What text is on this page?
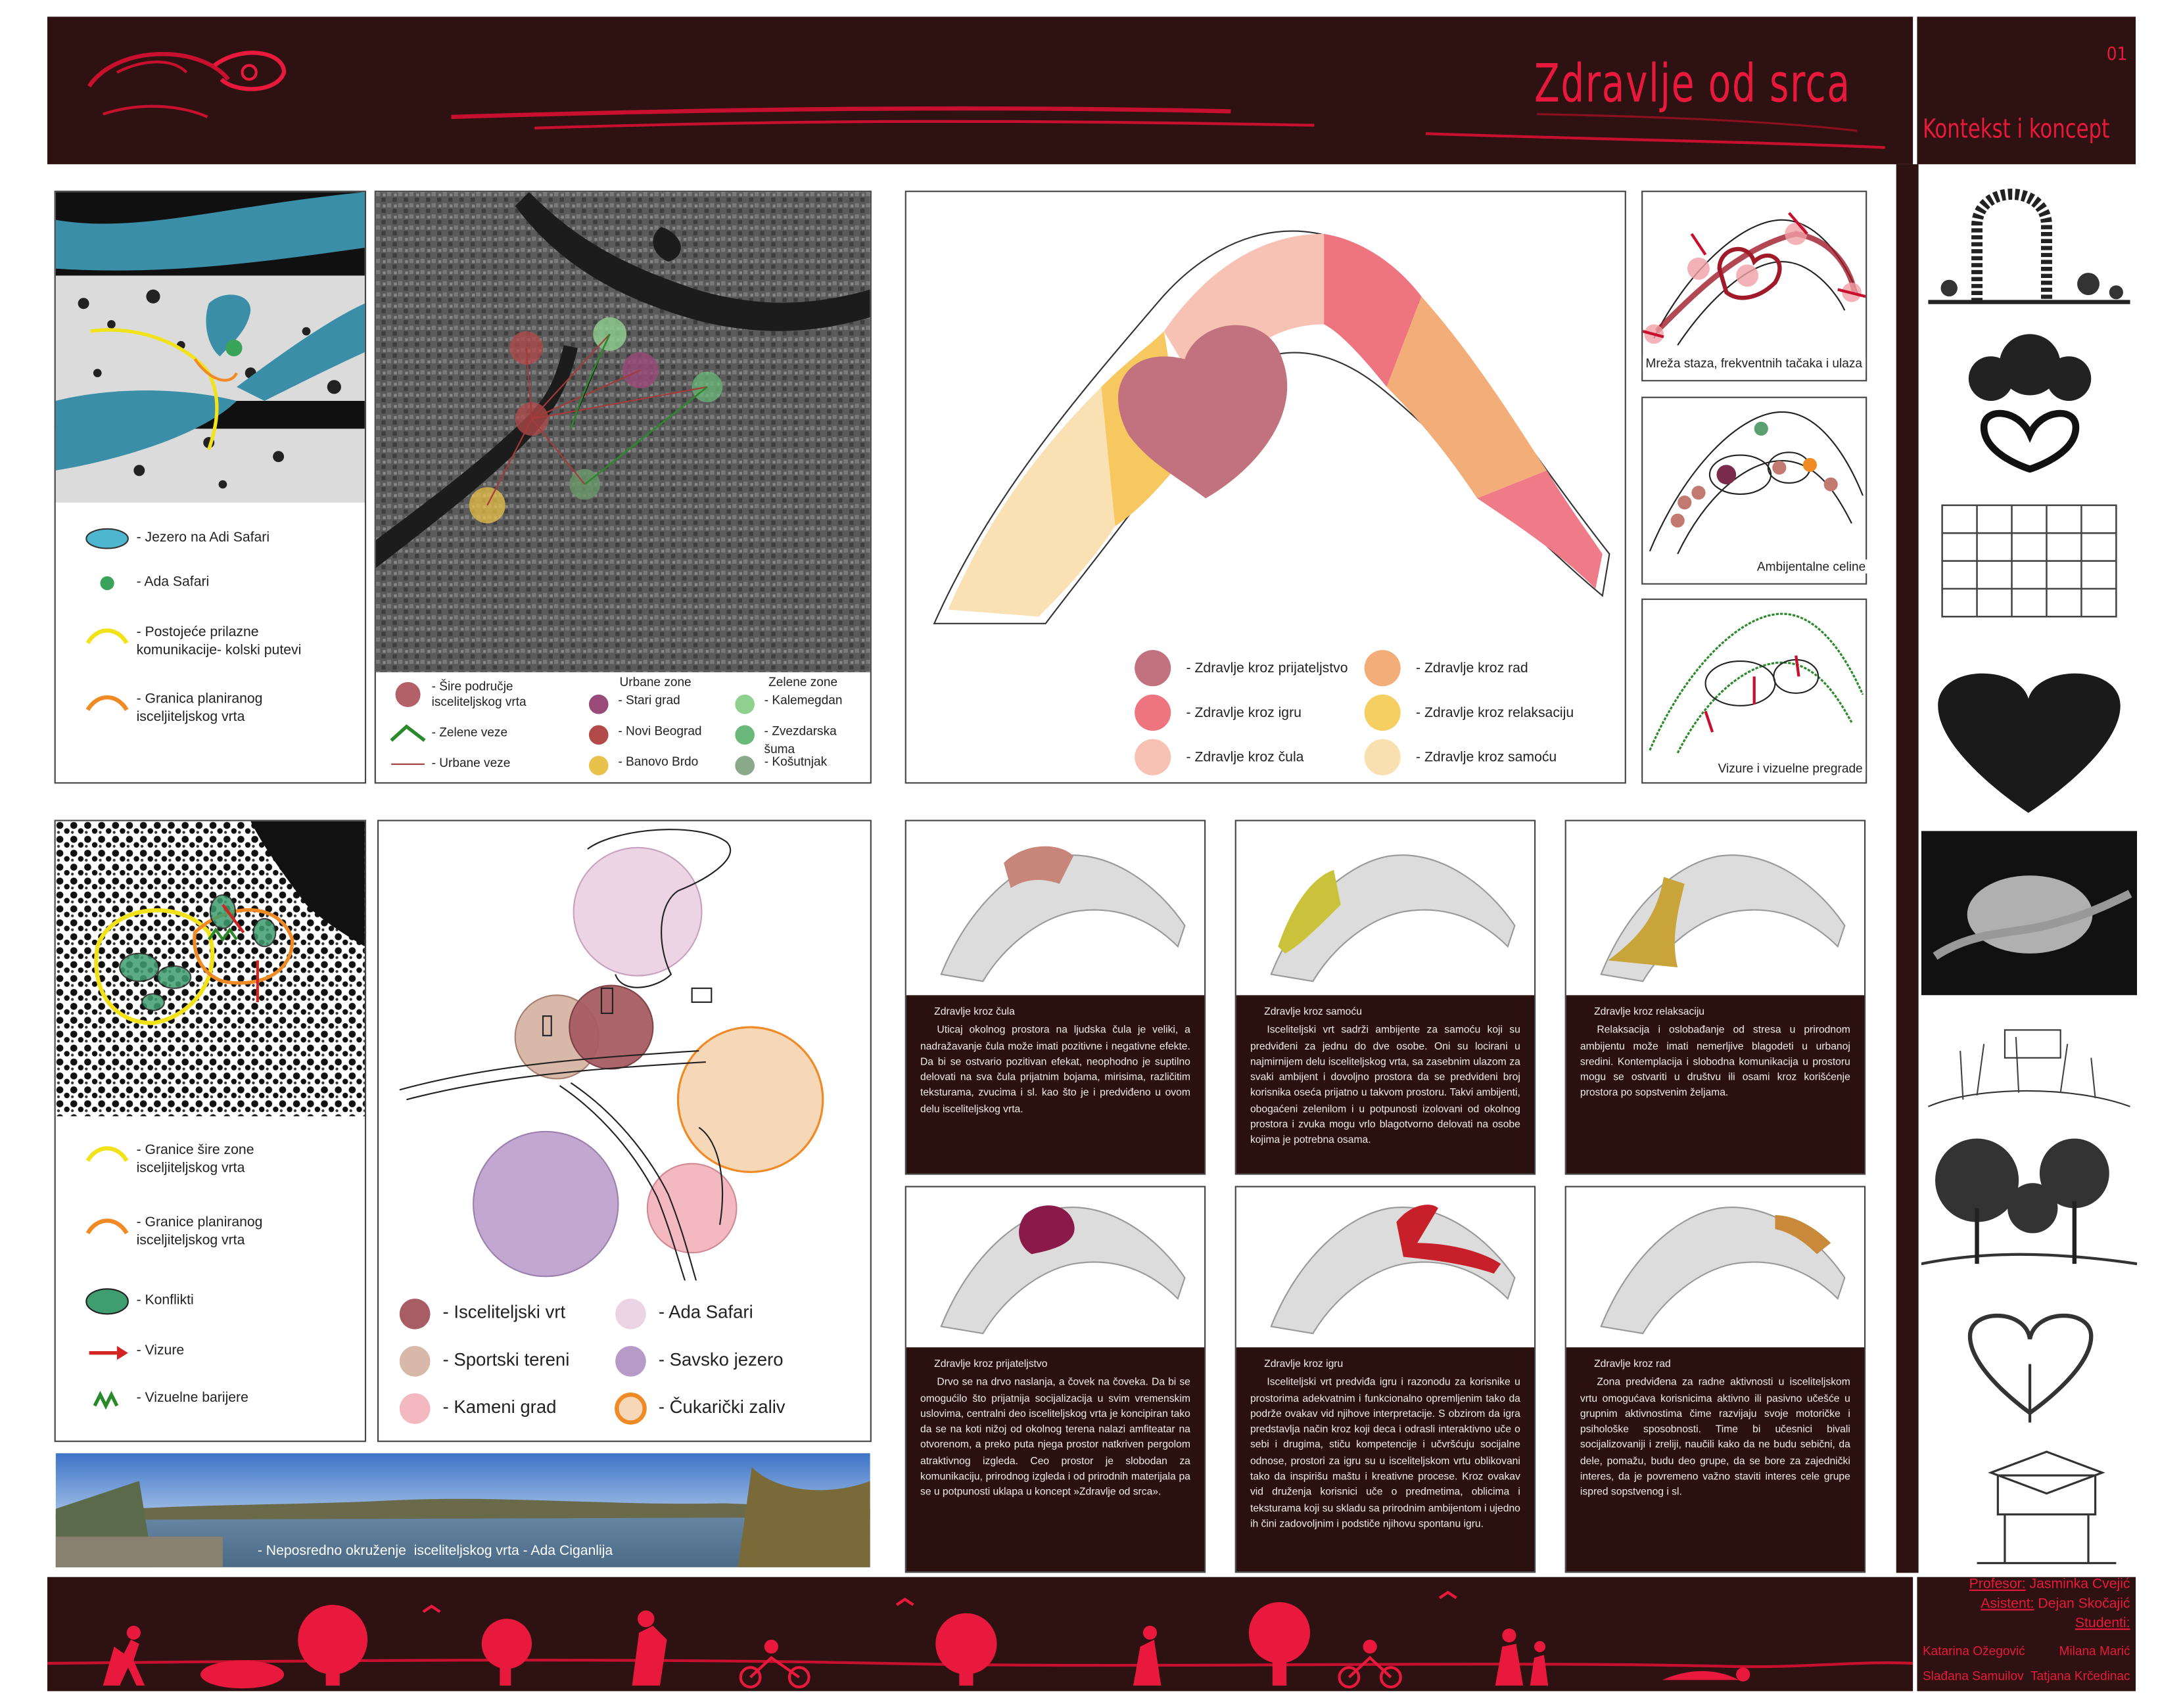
Zdravlje od srca	01
Kontekst i koncept
- Jezero na Adi Safari
- Ada Safari
- Postojeće prilazne komunikacije- kolski putevi
- Granica planiranog isceljiteljskog vrta
- Šire područje isceliteljskog vrta
- Zelene veze
- Urbane veze
Urbane zone
- Stari grad
- Novi Beograd
- Banovo Brdo
Zelene zone
- Kalemegdan
- Zvezdarska šuma
- Košutnjak
- Zdravlje kroz prijateljstvo	- Zdravlje kroz rad
- Zdravlje kroz igru	- Zdravlje kroz relaksaciju
- Zdravlje kroz čula	- Zdravlje kroz samoću
Mreža staza, frekventnih tačaka i ulaza
Ambijentalne celine
Vizure i vizuelne pregrade
- Granice šire zone isceljiteljskog vrta
- Granice planiranog isceljiteljskog vrta
- Konflikti
- Vizure
- Vizuelne barijere
- Isceliteljski vrt	- Ada Safari
- Sportski tereni	- Savsko jezero
- Kameni grad	- Čukarički zaliv
- Neposredno okruženje  isceliteljskog vrta - Ada Ciganlija
Zdravlje kroz čula
Uticaj okolnog prostora na ljudska čula je veliki, a nadražavanje čula može imati pozitivne i negativne efekte. Da bi se ostvario pozitivan efekat, neophodno je suptilno delovati na sva čula prijatnim bojama, mirisima, različitim teksturama, zvucima i sl. kao što je i predviđeno u ovom delu isceliteljskog vrta.
Zdravlje kroz samoću
Isceliteljski vrt sadrži ambijente za samoću koji su predviđeni za jednu do dve osobe. Oni su locirani u najmirnijem delu isceliteljskog vrta, sa zasebnim ulazom za svaki ambijent i dovoljno prostora da se predvideni broj korisnika oseća prijatno u takvom prostoru. Takvi ambijenti, obogaćeni zelenilom i u potpunosti izolovani od okolnog prostora i zvuka mogu vrlo blagotvorno delovati na osobe kojima je potrebna osama.
Zdravlje kroz relaksaciju
Relaksacija i oslobađanje od stresa u prirodnom ambijentu može imati nemerljive blagodeti u urbanoj sredini. Kontemplacija i slobodna komunikacija u prostoru mogu se ostvariti u društvu ili osami kroz korišćenje prostora po sopstvenim željama.
Zdravlje kroz prijateljstvo
Drvo se na drvo naslanja, a čovek na čoveka. Da bi se omogućilo što prijatnija socijalizacija u svim vremenskim uslovima, centralni deo isceliteljskog vrta je koncipiran tako da se na koti nižoj od okolnog terena nalazi amfiteatar na otvorenom, a preko puta njega prostor natkriven pergolom atraktivnog izgleda. Ceo prostor je slobodan za komunikaciju, prirodnog izgleda i od prirodnih materijala pa se u potpunosti uklapa u koncept »Zdravlje od srca».
Zdravlje kroz igru
Isceliteljski vrt predviđa igru i razonodu za korisnike u prostorima adekvatnim i funkcionalno opremljenim tako da podrže ovakav vid njihove interpretacije. S obzirom da igra predstavlja način kroz koji deca i odrasli interaktivno uče o sebi i drugima, stiču kompetencije i učvršćuju socijalne odnose, prostori za igru su u isceliteljskom vrtu oblikovani tako da inspirišu maštu i kreativne procese. Kroz ovakav vid druženja korisnici uče o predmetima, oblicima i teksturama koji su skladu sa prirodnim ambijentom i ujedno ih čini zadovoljnim i podstiče njihovu spontanu igru.
Zdravlje kroz rad
Zona predviđena za radne aktivnosti u isceliteljskom vrtu omogućava korisnicima aktivno ili pasivno učešće u grupnim aktivnostima čime razvijaju svoje motoričke i psihološke sposobnosti. Time bi učesnici bivali socijalizovaniji i zreliji, naučili kako da ne budu sebični, da dele, pomažu, budu deo grupe, da se bore za zajednički interes, da je povremeno važno staviti interes cele grupe ispred sopstvenog i sl.
Profesor: Jasminka Cvejić
Asistent: Dejan Skočajić
Studenti:
Katarina Ožegović	Milana Marić
Slađana Samuilov Tatjana Krčedinac
